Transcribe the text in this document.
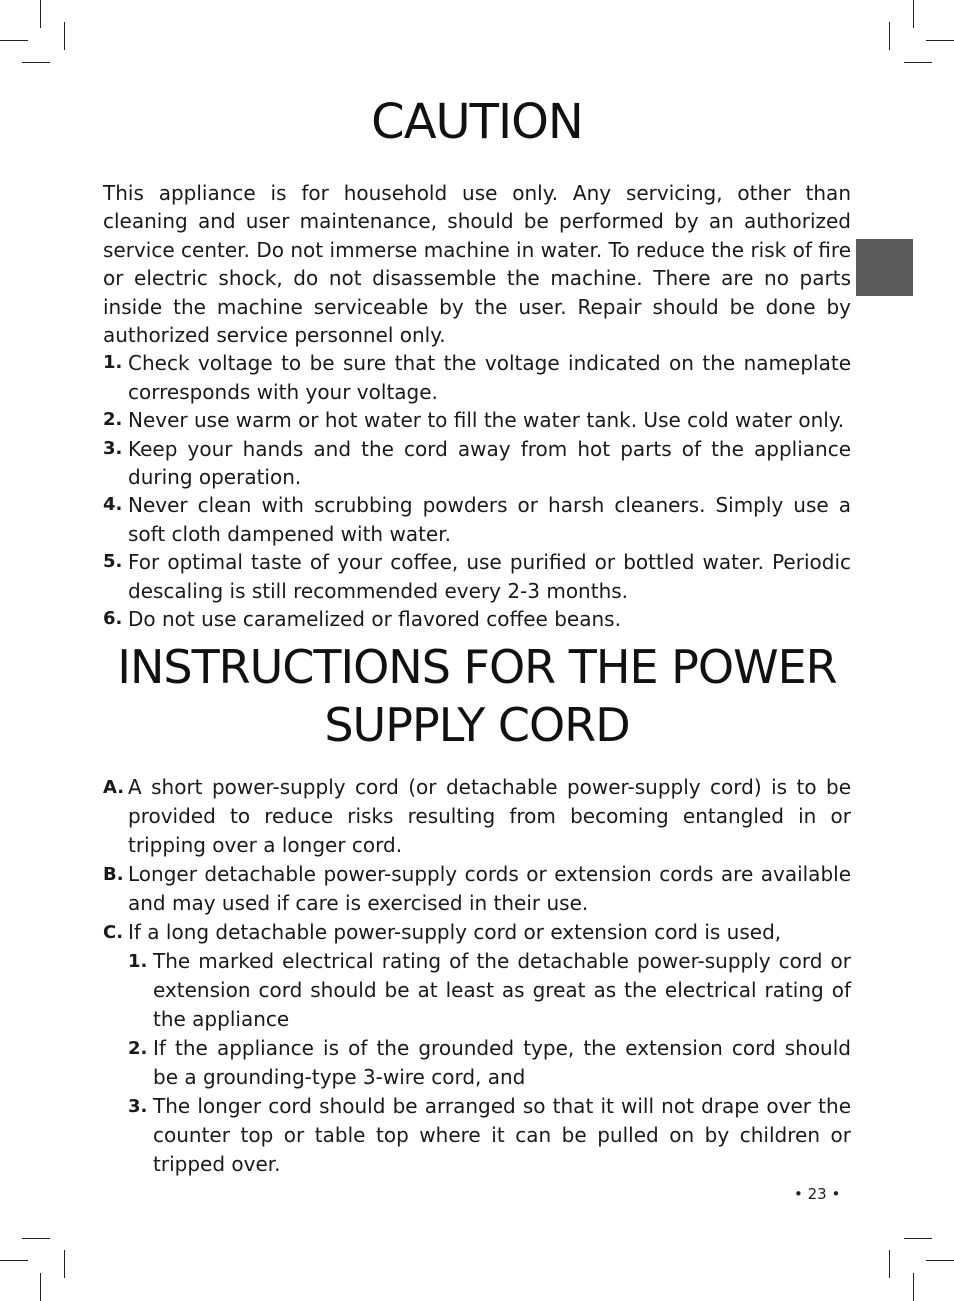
CAUTION

This appliance is for household use only. Any servicing, other than cleaning and user maintenance, should be performed by an authorized service center. Do not immerse machine in water. To reduce the risk of fire or electric shock, do not disassemble the machine. There are no parts inside the machine serviceable by the user. Repair should be done by authorized service personnel only.

1. Check voltage to be sure that the voltage indicated on the nameplate corresponds with your voltage.
2. Never use warm or hot water to fill the water tank. Use cold water only.
3. Keep your hands and the cord away from hot parts of the appliance during operation.
4. Never clean with scrubbing powders or harsh cleaners. Simply use a soft cloth dampened with water.
5. For optimal taste of your coffee, use purified or bottled water. Periodic descaling is still recommended every 2-3 months.
6. Do not use caramelized or flavored coffee beans.
INSTRUCTIONS FOR THE POWER
SUPPLY CORD
A. A short power-supply cord (or detachable power-supply cord) is to be provided to reduce risks resulting from becoming entangled in or tripping over a longer cord.
B. Longer detachable power-supply cords or extension cords are available and may used if care is exercised in their use.
C. If a long detachable power-supply cord or extension cord is used,
1. The marked electrical rating of the detachable power-supply cord or extension cord should be at least as great as the electrical rating of the appliance
2. If the appliance is of the grounded type, the extension cord should be a grounding-type 3-wire cord, and
3. The longer cord should be arranged so that it will not drape over the counter top or table top where it can be pulled on by children or tripped over.
• 23 •
